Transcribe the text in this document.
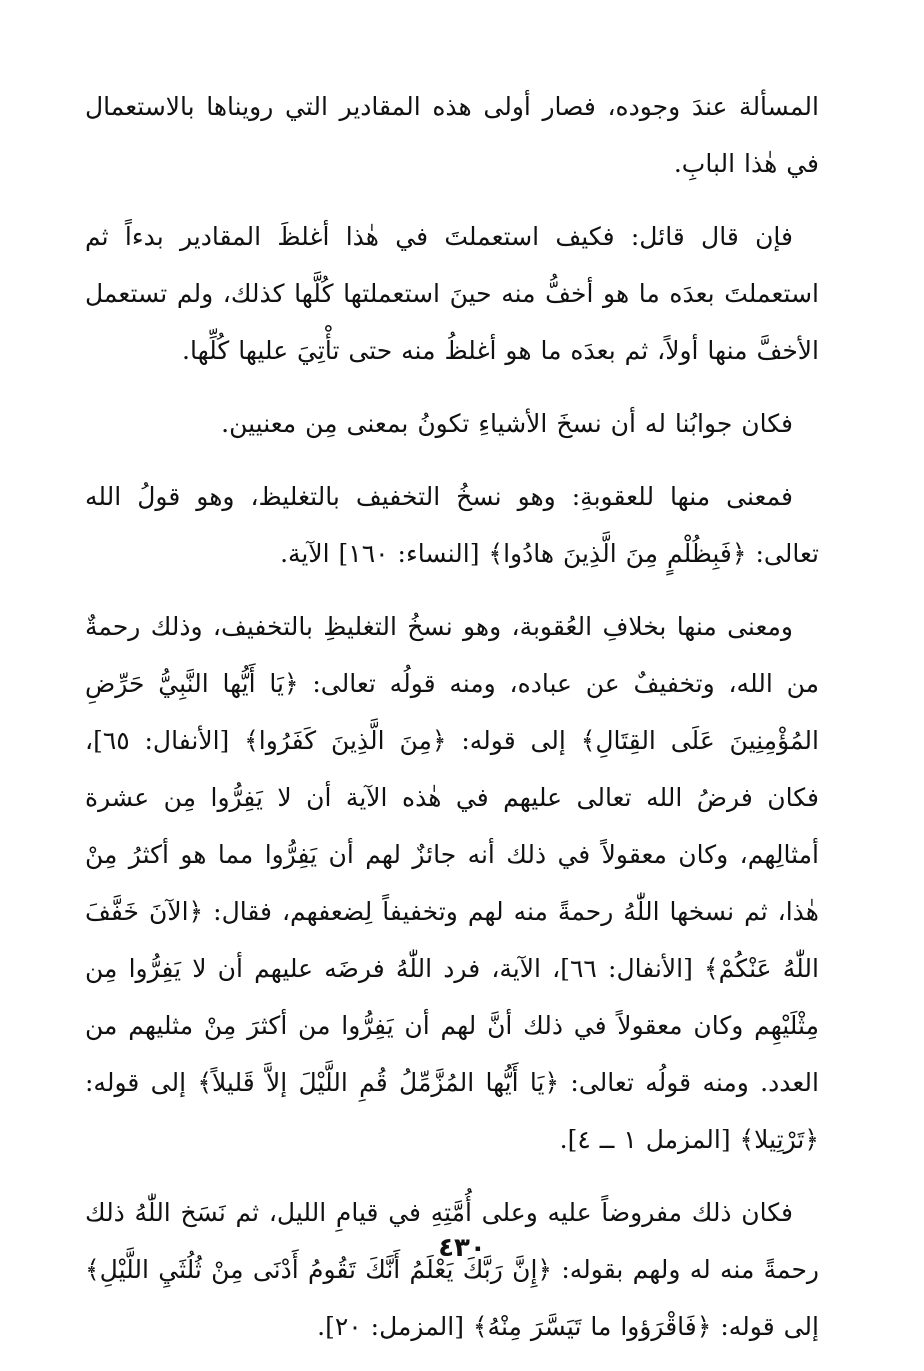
المسألة عندَ وجوده، فصار أولى هذه المقادير التي رويناها بالاستعمال في هٰذا البابِ.

فإن قال قائل: فكيف استعملتَ في هٰذا أغلظَ المقادير بدءاً ثم استعملتَ بعدَه ما هو أخفُّ منه حينَ استعملتها كُلَّها كذلك، ولم تستعمل الأخفَّ منها أولاً، ثم بعدَه ما هو أغلظُ منه حتى تأْتِيَ عليها كُلِّها.

فكان جوابُنا له أن نسخَ الأشياءِ تكونُ بمعنى مِن معنيين.

فمعنى منها للعقوبةِ: وهو نسخُ التخفيف بالتغليظ، وهو قولُ الله تعالى: ﴿فَبِظُلْمٍ مِنَ الَّذِينَ هادُوا﴾ [النساء: ١٦٠] الآية.

ومعنى منها بخلافِ العُقوبة، وهو نسخُ التغليظِ بالتخفيف، وذلك رحمةٌ من الله، وتخفيفٌ عن عباده، ومنه قولُه تعالى: ﴿يَا أَيُّها النَّبِيُّ حَرِّضِ المُؤْمِنِينَ عَلَى القِتَالِ﴾ إلى قوله: ﴿مِنَ الَّذِينَ كَفَرُوا﴾ [الأنفال: ٦٥]، فكان فرضُ الله تعالى عليهم في هٰذه الآية أن لا يَفِرُّوا مِن عشرة أمثالِهم، وكان معقولاً في ذلك أنه جائزٌ لهم أن يَفِرُّوا مما هو أكثرُ مِنْ هٰذا، ثم نسخها اللّٰهُ رحمةً منه لهم وتخفيفاً لِضعفهم، فقال: ﴿الآنَ خَفَّفَ اللّٰهُ عَنْكُمْ﴾ [الأنفال: ٦٦]، الآية، فرد اللّٰهُ فرضَه عليهم أن لا يَفِرُّوا مِن مِثْلَيْهِم وكان معقولاً في ذلك أنَّ لهم أن يَفِرُّوا من أكثرَ مِنْ مثليهم من العدد. ومنه قولُه تعالى: ﴿يَا أَيُّها المُزَّمِّلُ قُمِ اللَّيْلَ إلاَّ قَليلاً﴾ إلى قوله: ﴿تَرْتِيلا﴾ [المزمل ١ ــ ٤].

فكان ذلك مفروضاً عليه وعلى أُمَّتِهِ في قيامِ الليل، ثم نَسَخ اللّٰهُ ذلك رحمةً منه له ولهم بقوله: ﴿إِنَّ رَبَّكَ يَعْلَمُ أَنَّكَ تَقُومُ أَدْنَى مِنْ ثُلُثَيِ اللَّيْلِ﴾ إلى قوله: ﴿فَاقْرَؤوا ما تَيَسَّرَ مِنْهُ﴾ [المزمل: ٢٠].

٤٣٠
